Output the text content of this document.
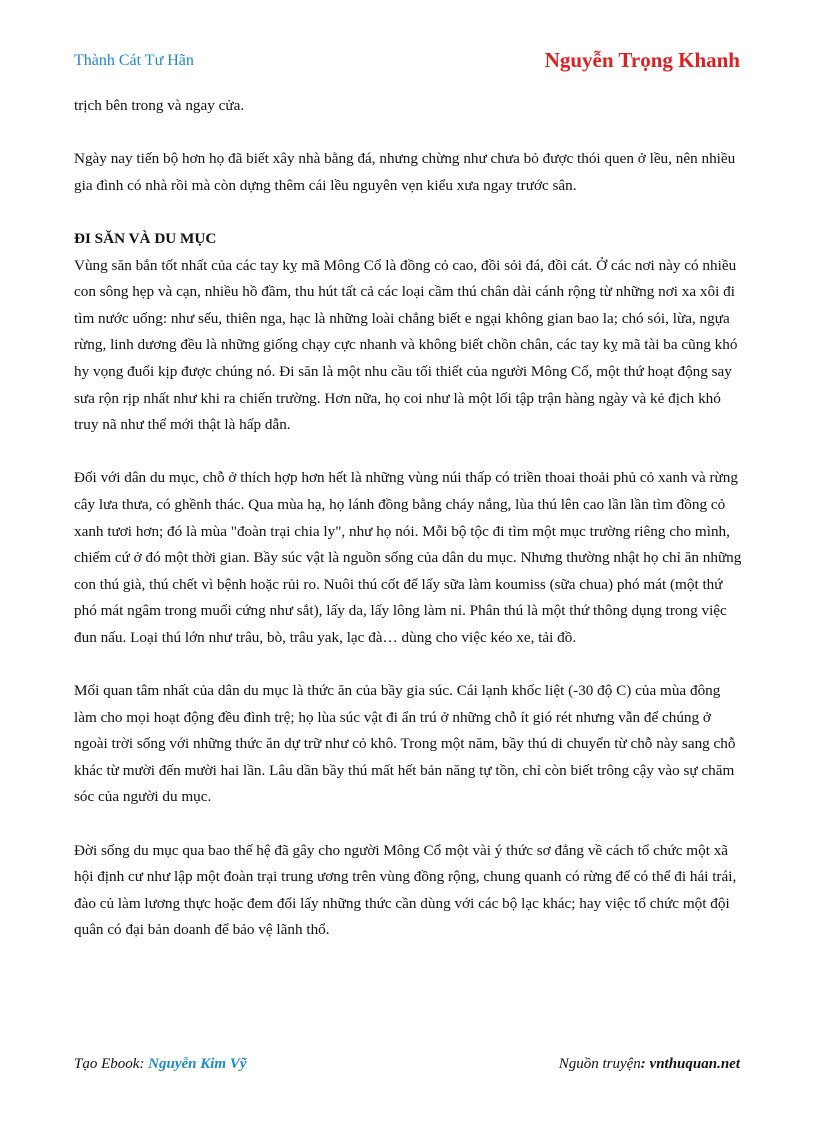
Thành Cát Tư Hãn	Nguyễn Trọng Khanh

trịch bên trong và ngay cửa.

Ngày nay tiến bộ hơn họ đã biết xây nhà bằng đá, nhưng chừng như chưa bỏ được thói quen ở lều, nên nhiều gia đình có nhà rồi mà còn dựng thêm cái lều nguyên vẹn kiểu xưa ngay trước sân.

ĐI SĂN VÀ DU MỤC

Vùng săn bắn tốt nhất của các tay kỵ mã Mông Cổ là đồng cỏ cao, đồi sỏi đá, đồi cát. Ở các nơi này có nhiều con sông hẹp và cạn, nhiều hồ đầm, thu hút tất cả các loại cầm thú chân dài cánh rộng từ những nơi xa xôi đi tìm nước uống: như sếu, thiên nga, hạc là những loài chẳng biết e ngại không gian bao la; chó sói, lừa, ngựa rừng, linh dương đều là những giống chạy cực nhanh và không biết chồn chân, các tay kỵ mã tài ba cũng khó hy vọng đuổi kịp được chúng nó. Đi săn là một nhu cầu tối thiết của người Mông Cổ, một thứ hoạt động say sưa rộn rịp nhất như khi ra chiến trường. Hơn nữa, họ coi như là một lối tập trận hàng ngày và kẻ địch khó truy nã như thế mới thật là hấp dẫn.

Đối với dân du mục, chỗ ở thích hợp hơn hết là những vùng núi thấp có triền thoai thoải phủ cỏ xanh và rừng cây lưa thưa, có ghềnh thác. Qua mùa hạ, họ lánh đồng bằng cháy nắng, lùa thú lên cao lần lần tìm đồng cỏ xanh tươi hơn; đó là mùa "đoàn trại chia ly", như họ nói. Mỗi bộ tộc đi tìm một mục trường riêng cho mình, chiếm cứ ở đó một thời gian. Bầy súc vật là nguồn sống của dân du mục. Nhưng thường nhật họ chỉ ăn những con thú già, thú chết vì bệnh hoặc rủi ro. Nuôi thú cốt để lấy sữa làm koumiss (sữa chua) phó mát (một thứ phó mát ngâm trong muối cứng như sắt), lấy da, lấy lông làm nỉ. Phân thú là một thứ thông dụng trong việc đun nấu. Loại thú lớn như trâu, bò, trâu yak, lạc đà… dùng cho việc kéo xe, tải đồ.

Mối quan tâm nhất của dân du mục là thức ăn của bầy gia súc. Cái lạnh khốc liệt (-30 độ C) của mùa đông làm cho mọi hoạt động đều đình trệ; họ lùa súc vật đi ẩn trú ở những chỗ ít gió rét nhưng vẫn để chúng ở ngoài trời sống với những thức ăn dự trữ như cỏ khô. Trong một năm, bầy thú di chuyển từ chỗ này sang chỗ khác từ mười đến mười hai lần. Lâu dần bầy thú mất hết bản năng tự tồn, chỉ còn biết trông cậy vào sự chăm sóc của người du mục.

Đời sống du mục qua bao thế hệ đã gây cho người Mông Cổ một vài ý thức sơ đẳng về cách tổ chức một xã hội định cư như lập một đoàn trại trung ương trên vùng đồng rộng, chung quanh có rừng để có thể đi hái trái, đào củ làm lương thực hoặc đem đổi lấy những thức cần dùng với các bộ lạc khác; hay việc tổ chức một đội quân có đại bản doanh để bảo vệ lãnh thổ.

Tạo Ebook: Nguyễn Kim Vỹ	Nguồn truyện: vnthuquan.net
